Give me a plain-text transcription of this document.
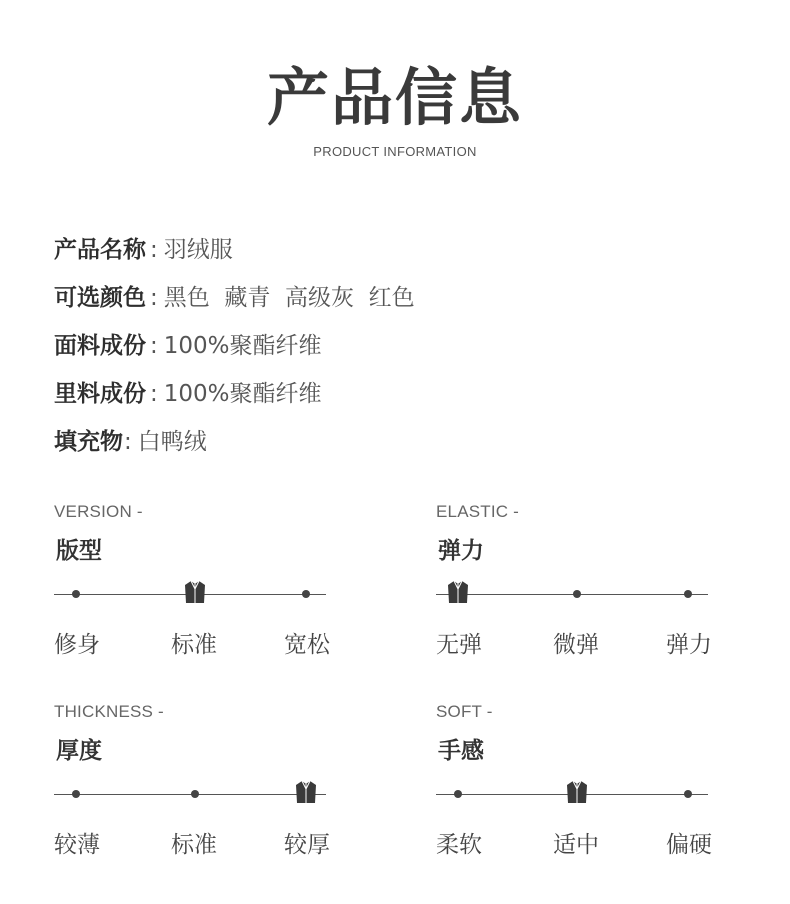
产品信息
PRODUCT INFORMATION
产品名称 : 羽绒服
可选颜色 : 黑色  藏青  高级灰  红色
面料成份 : 100%聚酯纤维
里料成份 : 100%聚酯纤维
填充物: 白鸭绒
VERSION -
版型
修身	标准	宽松
ELASTIC -
弹力
无弹	微弹	弹力
THICKNESS -
厚度
较薄	标准	较厚
SOFT -
手感
柔软	适中	偏硬
